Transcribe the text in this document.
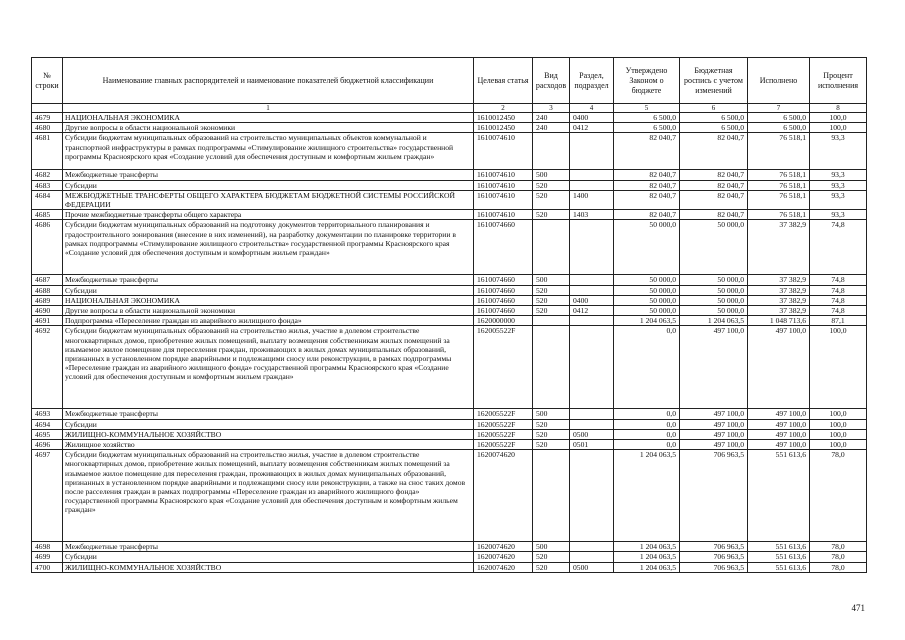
№ строки	Наименование главных распорядителей и наименование показателей бюджетной классификации	Целевая статья	Вид расходов	Раздел, подраздел	Утверждено Законом о бюджете	Бюджетная роспись с учетом изменений	Исполнено	Процент исполнения
	1	2	3	4	5	6	7	8
4679	НАЦИОНАЛЬНАЯ ЭКОНОМИКА	1610012450	240	0400	6 500,0	6 500,0	6 500,0	100,0
4680	Другие вопросы в области национальной экономики	1610012450	240	0412	6 500,0	6 500,0	6 500,0	100,0
4681	Субсидии бюджетам муниципальных образований на строительство муниципальных объектов коммунальной и транспортной инфраструктуры в рамках подпрограммы «Стимулирование жилищного строительства» государственной программы Красноярского края «Создание условий для обеспечения доступным и комфортным жильем граждан»	1610074610			82 040,7	82 040,7	76 518,1	93,3
4682	Межбюджетные трансферты	1610074610	500		82 040,7	82 040,7	76 518,1	93,3
4683	Субсидии	1610074610	520		82 040,7	82 040,7	76 518,1	93,3
4684	МЕЖБЮДЖЕТНЫЕ ТРАНСФЕРТЫ ОБЩЕГО ХАРАКТЕРА БЮДЖЕТАМ БЮДЖЕТНОЙ СИСТЕМЫ РОССИЙСКОЙ ФЕДЕРАЦИИ	1610074610	520	1400	82 040,7	82 040,7	76 518,1	93,3
4685	Прочие межбюджетные трансферты общего характера	1610074610	520	1403	82 040,7	82 040,7	76 518,1	93,3
4686	Субсидии бюджетам муниципальных образований на подготовку документов территориального планирования и градостроительного зонирования (внесение в них изменений), на разработку документации по планировке территории в рамках подпрограммы «Стимулирование жилищного строительства» государственной программы Красноярского края «Создание условий для обеспечения доступным и комфортным жильем граждан»	1610074660			50 000,0	50 000,0	37 382,9	74,8
4687	Межбюджетные трансферты	1610074660	500		50 000,0	50 000,0	37 382,9	74,8
4688	Субсидии	1610074660	520		50 000,0	50 000,0	37 382,9	74,8
4689	НАЦИОНАЛЬНАЯ ЭКОНОМИКА	1610074660	520	0400	50 000,0	50 000,0	37 382,9	74,8
4690	Другие вопросы в области национальной экономики	1610074660	520	0412	50 000,0	50 000,0	37 382,9	74,8
4691	Подпрограмма «Переселение граждан из аварийного жилищного фонда»	1620000000			1 204 063,5	1 204 063,5	1 048 713,6	87,1
4692	Субсидии бюджетам муниципальных образований на строительство жилья, участие в долевом строительстве многоквартирных домов, приобретение жилых помещений, выплату возмещения собственникам жилых помещений за изымаемое жилое помещение для переселения граждан, проживающих в жилых домах муниципальных образований, признанных в установленном порядке аварийными и подлежащими сносу или реконструкции, в рамках подпрограммы «Переселение граждан из аварийного жилищного фонда» государственной программы Красноярского края «Создание условий для обеспечения доступным и комфортным жильем граждан»	162005522F			0,0	497 100,0	497 100,0	100,0
4693	Межбюджетные трансферты	162005522F	500		0,0	497 100,0	497 100,0	100,0
4694	Субсидии	162005522F	520		0,0	497 100,0	497 100,0	100,0
4695	ЖИЛИЩНО-КОММУНАЛЬНОЕ ХОЗЯЙСТВО	162005522F	520	0500	0,0	497 100,0	497 100,0	100,0
4696	Жилищное хозяйство	162005522F	520	0501	0,0	497 100,0	497 100,0	100,0
4697	Субсидии бюджетам муниципальных образований на строительство жилья, участие в долевом строительстве многоквартирных домов, приобретение жилых помещений, выплату возмещения собственникам жилых помещений за изымаемое жилое помещение для переселения граждан, проживающих в жилых домах муниципальных образований, признанных в установленном порядке аварийными и подлежащими сносу или реконструкции, а также на снос таких домов после расселения граждан в рамках подпрограммы «Переселение граждан из аварийного жилищного фонда» государственной программы Красноярского края «Создание условий для обеспечения доступным и комфортным жильем граждан»	1620074620			1 204 063,5	706 963,5	551 613,6	78,0
4698	Межбюджетные трансферты	1620074620	500		1 204 063,5	706 963,5	551 613,6	78,0
4699	Субсидии	1620074620	520		1 204 063,5	706 963,5	551 613,6	78,0
4700	ЖИЛИЩНО-КОММУНАЛЬНОЕ ХОЗЯЙСТВО	1620074620	520	0500	1 204 063,5	706 963,5	551 613,6	78,0
471
